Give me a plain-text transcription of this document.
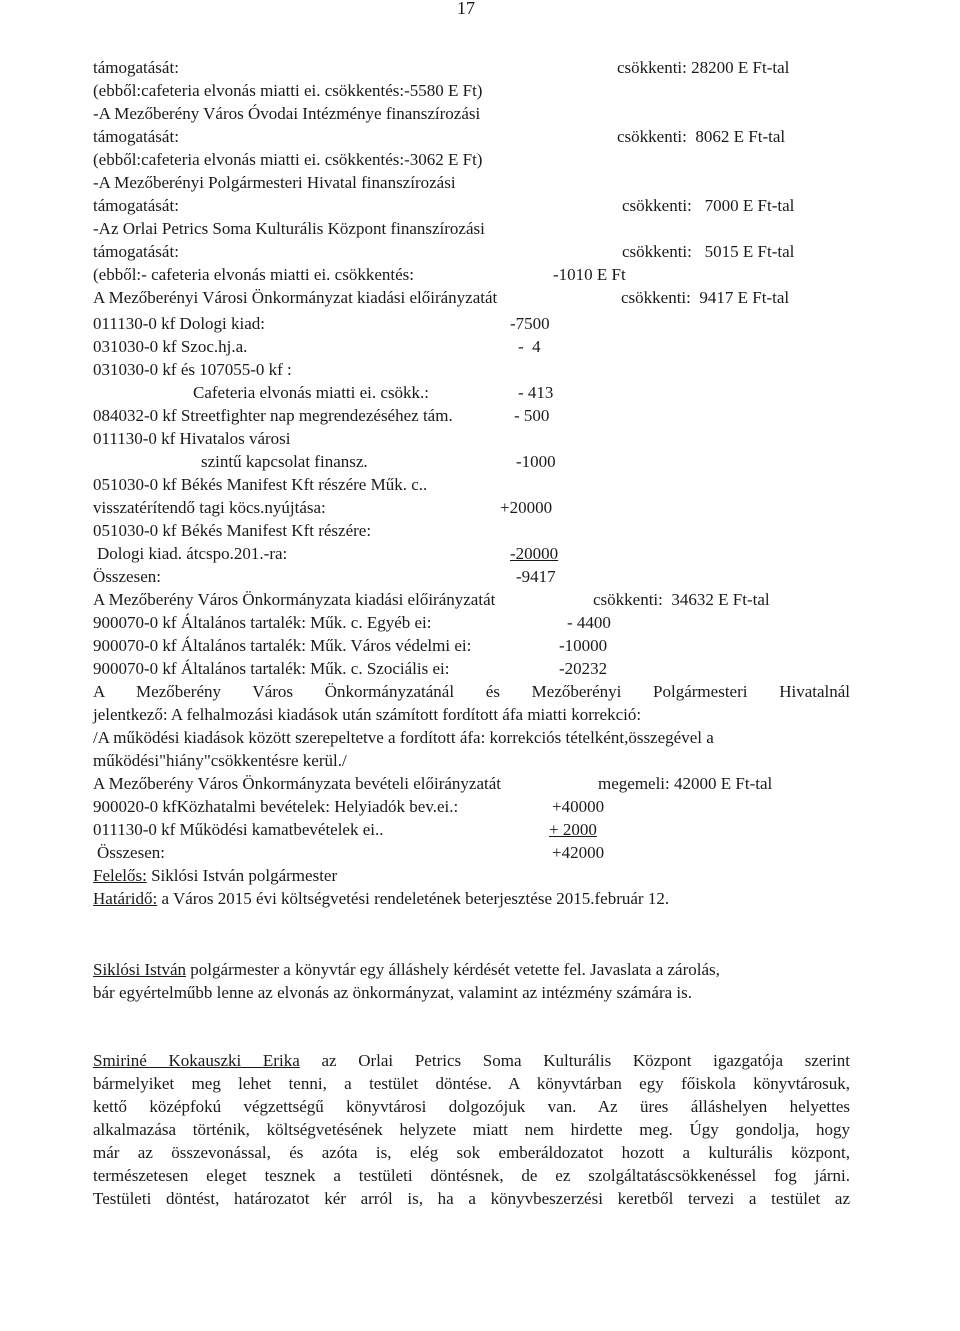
17
támogatását:	csökkenti: 28200 E Ft-tal
(ebből:cafeteria elvonás miatti ei. csökkentés:-5580 E Ft)
-A Mezőberény Város Óvodai Intézménye finanszírozási
támogatását:	csökkenti:  8062 E Ft-tal
(ebből:cafeteria elvonás miatti ei. csökkentés:-3062 E Ft)
-A Mezőberényi Polgármesteri Hivatal finanszírozási
támogatását:	csökkenti:   7000 E Ft-tal
-Az Orlai Petrics Soma Kulturális Központ finanszírozási
támogatását:	csökkenti:   5015 E Ft-tal
(ebből:- cafeteria elvonás miatti ei. csökkentés:	-1010 E Ft
A Mezőberényi Városi Önkormányzat kiadási előirányzatát	csökkenti:  9417 E Ft-tal
011130-0 kf Dologi kiad:	-7500
031030-0 kf Szoc.hj.a.	-  4
031030-0 kf és 107055-0 kf :
Cafeteria elvonás miatti ei. csökk.:	- 413
084032-0 kf Streetfighter nap megrendezéséhez tám.	- 500
011130-0 kf Hivatalos városi
szintű kapcsolat finansz.	-1000
051030-0 kf Békés Manifest Kft részére Műk. c..
visszatérítendő tagi köcs.nyújtása:	+20000
051030-0 kf Békés Manifest Kft részére:
Dologi kiad. átcspo.201.-ra:	-20000
Összesen:	-9417
A Mezőberény Város Önkormányzata kiadási előirányzatát	csökkenti:  34632 E Ft-tal
900070-0 kf Általános tartalék: Műk. c. Egyéb ei:	- 4400
900070-0 kf Általános tartalék: Műk. Város védelmi ei:	-10000
900070-0 kf Általános tartalék: Műk. c. Szociális ei:	-20232
A Mezőberény Város Önkormányzatánál és Mezőberényi Polgármesteri Hivatalnál
jelentkező: A felhalmozási kiadások után számított fordított áfa miatti korrekció:
/A működési kiadások között szerepeltetve a fordított áfa: korrekciós tételként,összegével a
működési"hiány"csökkentésre kerül./
A Mezőberény Város Önkormányzata bevételi előirányzatát	megemeli: 42000 E Ft-tal
900020-0 kfKözhatalmi bevételek: Helyiadók bev.ei.:	+40000
011130-0 kf Működési kamatbevételek ei..	+ 2000
Összesen:	+42000
Felelős: Siklósi István polgármester
Határidő: a Város 2015 évi költségvetési rendeletének beterjesztése 2015.február 12.
Siklósi István polgármester a könyvtár egy álláshely kérdését vetette fel. Javaslata a zárolás,
bár egyértelműbb lenne az elvonás az önkormányzat, valamint az intézmény számára is.
Smiriné Kokauszki Erika az Orlai Petrics Soma Kulturális Központ igazgatója szerint
bármelyiket meg lehet tenni, a testület döntése. A könyvtárban egy főiskola könyvtárosuk,
kettő középfokú végzettségű könyvtárosi dolgozójuk van. Az üres álláshelyen helyettes
alkalmazása történik, költségvetésének helyzete miatt nem hirdette meg. Úgy gondolja, hogy
már az összevonással, és azóta is, elég sok emberáldozatot hozott a kulturális központ,
természetesen eleget tesznek a testületi döntésnek, de ez szolgáltatáscsökkenéssel fog járni.
Testületi döntést, határozatot kér arról is, ha a könyvbeszerzési keretből tervezi a testület az
